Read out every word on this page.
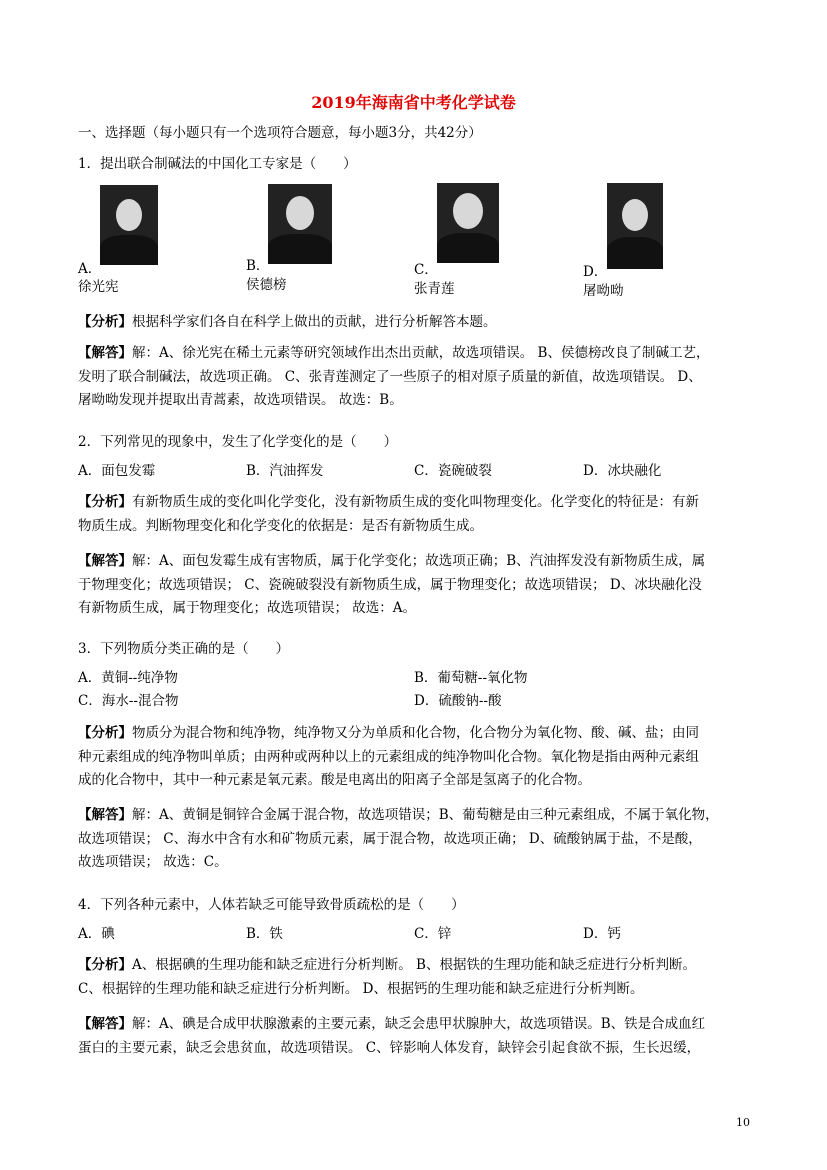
2019年海南省中考化学试卷
一、选择题（每小题只有一个选项符合题意，每小题3分，共42分）
1．提出联合制碱法的中国化工专家是（　　）
A．
徐光宪
B．
侯德榜
C．
张青莲
D．
屠呦呦
【分析】根据科学家们各自在科学上做出的贡献，进行分析解答本题。
【解答】解：A、徐光宪在稀土元素等研究领域作出杰出贡献，故选项错误。 B、侯德榜改良了制碱工艺，
发明了联合制碱法，故选项正确。 C、张青莲测定了一些原子的相对原子质量的新值，故选项错误。 D、
屠呦呦发现并提取出青蒿素，故选项错误。 故选：B。
2．下列常见的现象中，发生了化学变化的是（　　）
A．面包发霉	B．汽油挥发	C．瓷碗破裂	D．冰块融化
【分析】有新物质生成的变化叫化学变化，没有新物质生成的变化叫物理变化。化学变化的特征是：有新
物质生成。判断物理变化和化学变化的依据是：是否有新物质生成。
【解答】解：A、面包发霉生成有害物质，属于化学变化；故选项正确；B、汽油挥发没有新物质生成，属
于物理变化；故选项错误； C、瓷碗破裂没有新物质生成，属于物理变化；故选项错误； D、冰块融化没
有新物质生成，属于物理变化；故选项错误； 故选：A。
3．下列物质分类正确的是（　　）
A．黄铜--纯净物	B．葡萄糖--氧化物
C．海水--混合物	D．硫酸钠--酸
【分析】物质分为混合物和纯净物，纯净物又分为单质和化合物，化合物分为氧化物、酸、碱、盐；由同
种元素组成的纯净物叫单质；由两种或两种以上的元素组成的纯净物叫化合物。氧化物是指由两种元素组
成的化合物中，其中一种元素是氧元素。酸是电离出的阳离子全部是氢离子的化合物。
【解答】解：A、黄铜是铜锌合金属于混合物，故选项错误；B、葡萄糖是由三种元素组成，不属于氧化物，
故选项错误； C、海水中含有水和矿物质元素，属于混合物，故选项正确； D、硫酸钠属于盐，不是酸，
故选项错误； 故选：C。
4．下列各种元素中，人体若缺乏可能导致骨质疏松的是（　　）
A．碘	B．铁	C．锌	D．钙
【分析】A、根据碘的生理功能和缺乏症进行分析判断。 B、根据铁的生理功能和缺乏症进行分析判断。
C、根据锌的生理功能和缺乏症进行分析判断。 D、根据钙的生理功能和缺乏症进行分析判断。
【解答】解：A、碘是合成甲状腺激素的主要元素，缺乏会患甲状腺肿大，故选项错误。B、铁是合成血红
蛋白的主要元素，缺乏会患贫血，故选项错误。 C、锌影响人体发育，缺锌会引起食欲不振，生长迟缓，
10
